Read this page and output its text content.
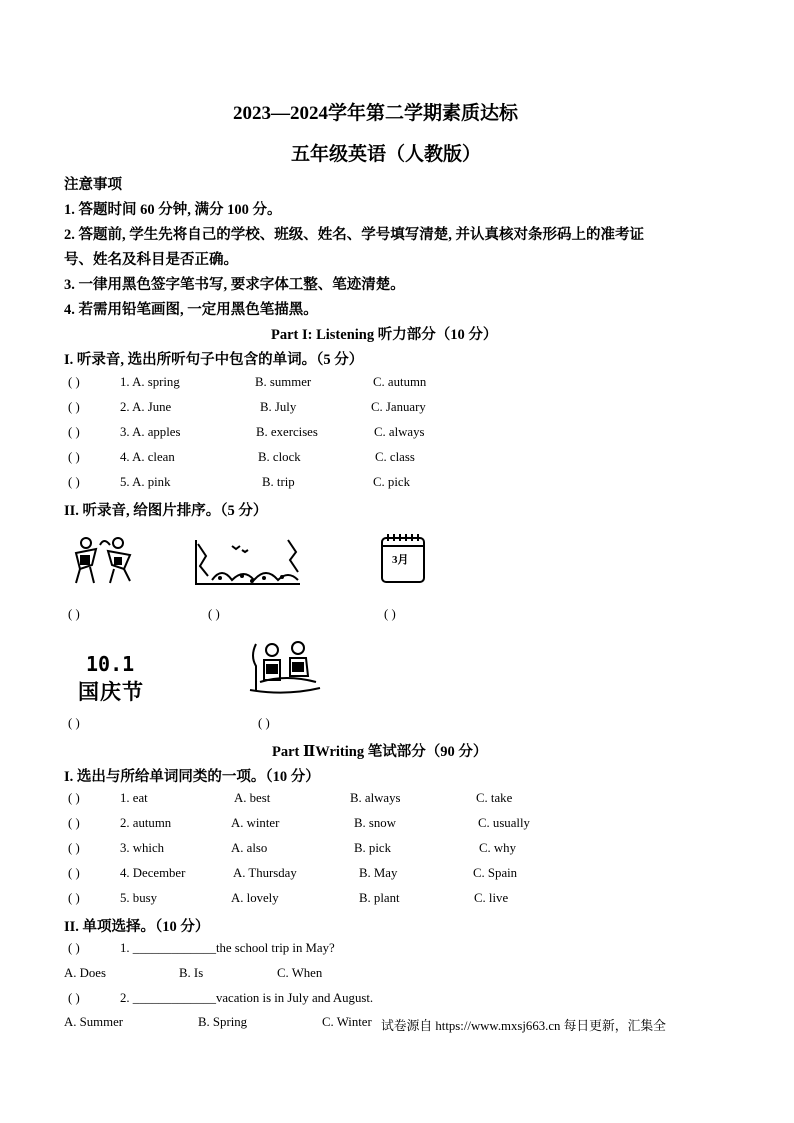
2023—2024学年第二学期素质达标
五年级英语（人教版）
注意事项
1. 答题时间 60 分钟, 满分 100 分。
2. 答题前, 学生先将自己的学校、班级、姓名、学号填写清楚, 并认真核对条形码上的准考证
号、姓名及科目是否正确。
3. 一律用黑色签字笔书写, 要求字体工整、笔迹清楚。
4. 若需用铅笔画图, 一定用黑色笔描黑。
Part I: Listening 听力部分（10 分）
I. 听录音, 选出所听句子中包含的单词。（5 分）
( )	1. A. spring	B. summer	C. autumn
( )	2. A. June	B. July	C. January
( )	3. A. apples	B. exercises	C. always
( )	4. A. clean	B. clock	C. class
( )	5. A. pink	B. trip	C. pick
II. 听录音, 给图片排序。（5 分）
3月
10.1
国庆节
( )	( )	( )
( )	( )
Part ⅡWriting 笔试部分（90 分）
I. 选出与所给单词同类的一项。（10 分）
( )	1. eat	A. best	B. always	C. take
( )	2. autumn	A. winter	B. snow	C. usually
( )	3. which	A. also	B. pick	C. why
( )	4. December	A. Thursday	B. May	C. Spain
( )	5. busy	A. lovely	B. plant	C. live
II. 单项选择。（10 分）
( )	1. _____________the school trip in May?
A. Does	B. Is	C. When
( )	2. _____________vacation is in July and August.
A. Summer	B. Spring	C. Winter 试卷源自 https://www.mxsj663.cn 每日更新，汇集全
